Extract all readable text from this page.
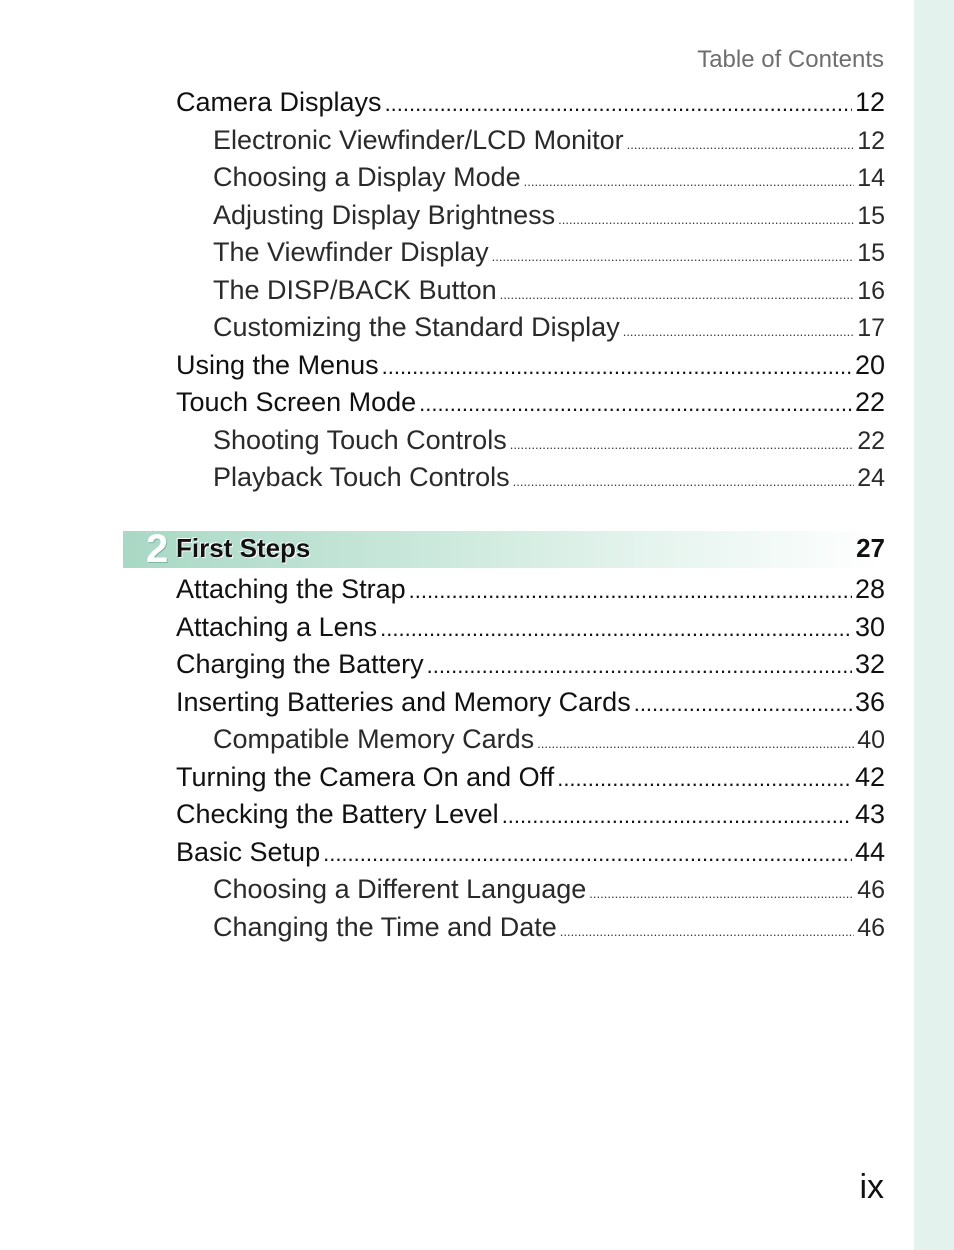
Table of Contents
Camera Displays .....	12
Electronic Viewfinder/LCD Monitor .....	12
Choosing a Display Mode .....	14
Adjusting Display Brightness .....	15
The Viewfinder Display .....	15
The DISP/BACK Button .....	16
Customizing the Standard Display .....	17
Using the Menus .....	20
Touch Screen Mode .....	22
Shooting Touch Controls .....	22
Playback Touch Controls .....	24
2 First Steps	27
Attaching the Strap .....	28
Attaching a Lens .....	30
Charging the Battery .....	32
Inserting Batteries and Memory Cards .....	36
Compatible Memory Cards .....	40
Turning the Camera On and Off .....	42
Checking the Battery Level .....	43
Basic Setup .....	44
Choosing a Different Language .....	46
Changing the Time and Date .....	46
ix
